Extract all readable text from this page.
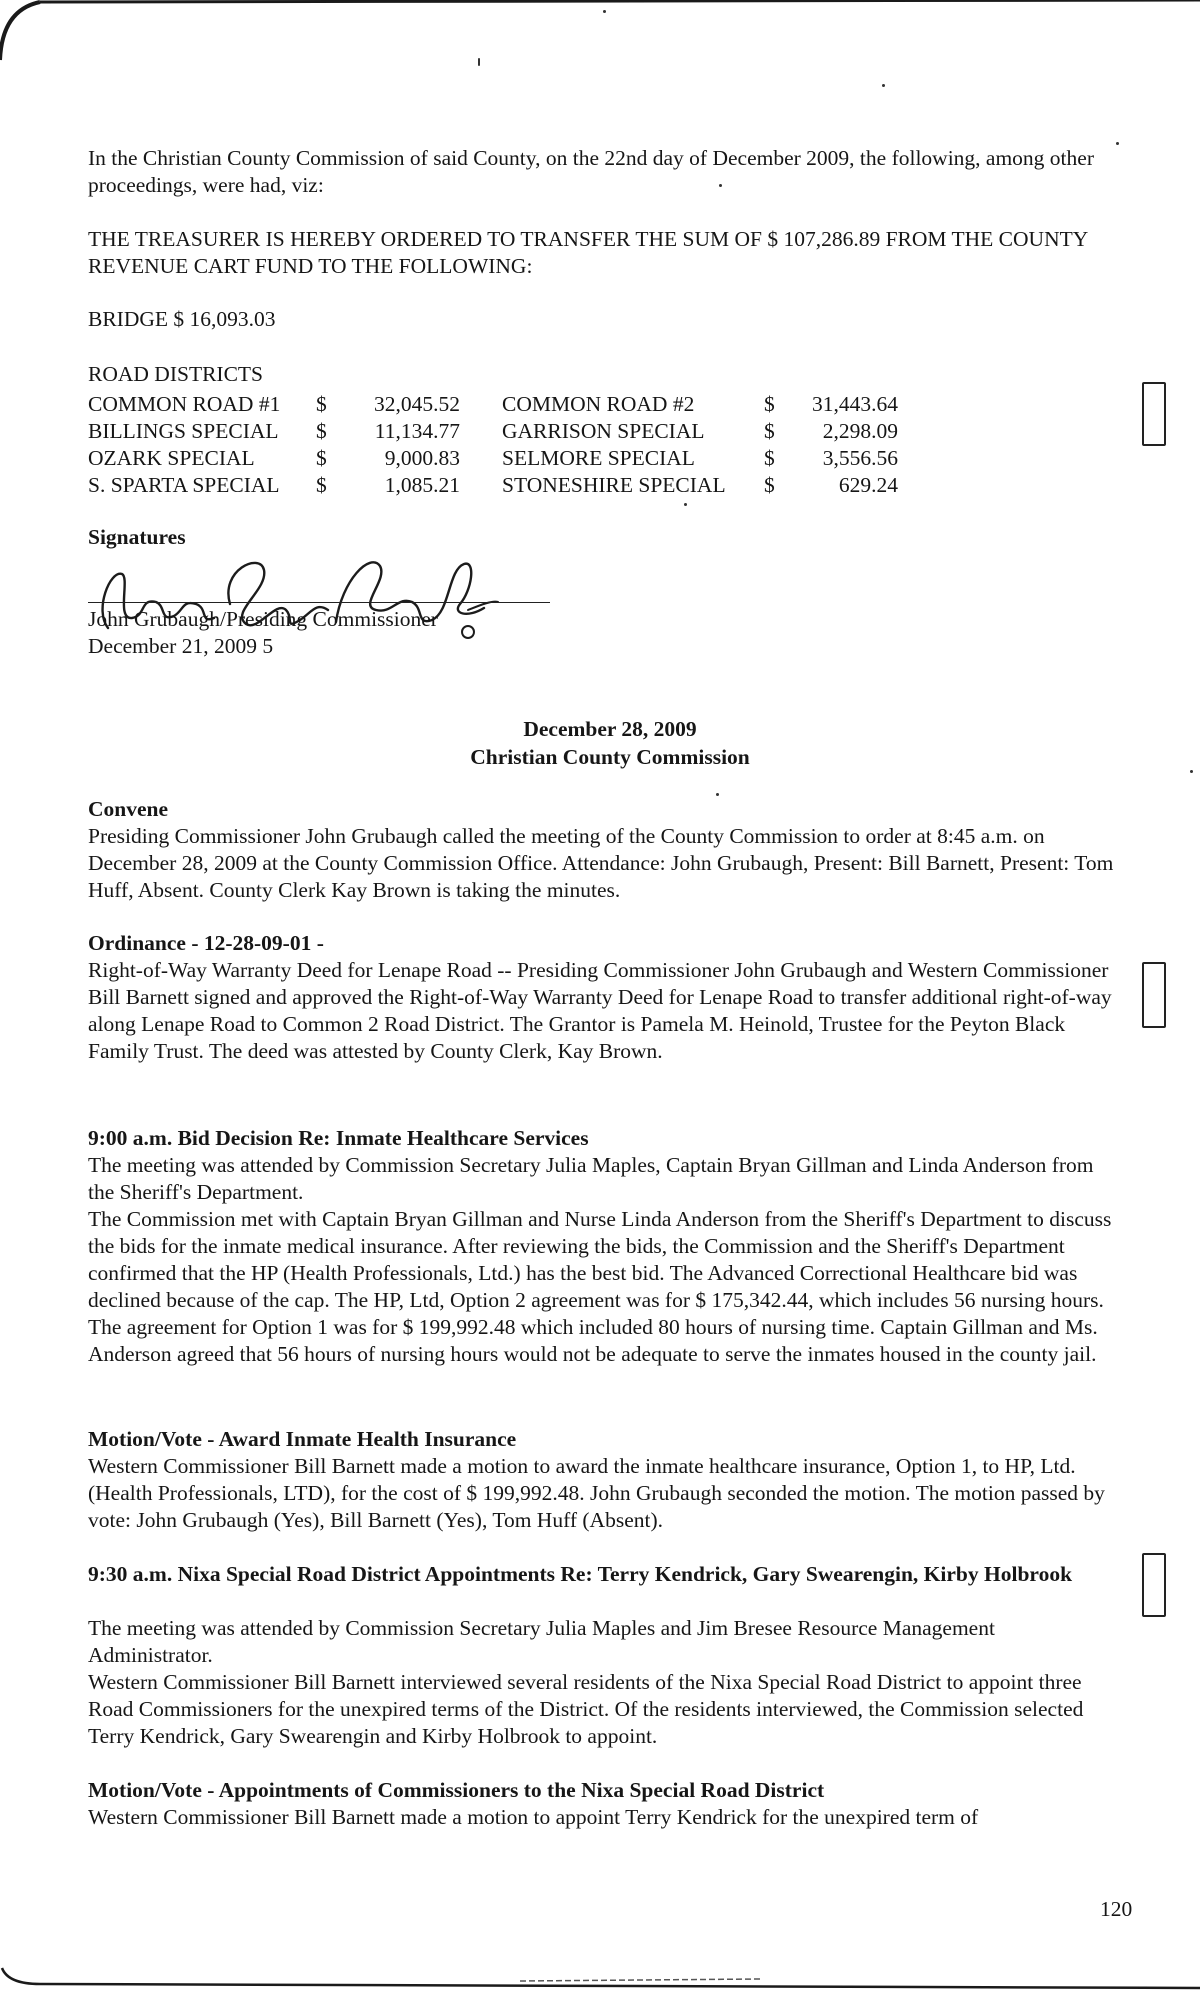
In the Christian County Commission of said County, on the 22nd day of December 2009, the following, among other proceedings, were had, viz:

THE TREASURER IS HEREBY ORDERED TO TRANSFER THE SUM OF $ 107,286.89 FROM THE COUNTY REVENUE CART FUND TO THE FOLLOWING:

BRIDGE $ 16,093.03

ROAD DISTRICTS

COMMON ROAD #1	$	32,045.52	COMMON ROAD #2	$	31,443.64
BILLINGS SPECIAL	$	11,134.77	GARRISON SPECIAL	$	2,298.09
OZARK SPECIAL	$	9,000.83	SELMORE SPECIAL	$	3,556.56
S. SPARTA SPECIAL	$	1,085.21	STONESHIRE SPECIAL	$	629.24

Signatures

John Grubaugh/Presiding Commissioner

December 21, 2009 5

December 28, 2009

Christian County Commission

Convene

Presiding Commissioner John Grubaugh called the meeting of the County Commission to order at 8:45 a.m. on December 28, 2009 at the County Commission Office. Attendance: John Grubaugh, Present: Bill Barnett, Present: Tom Huff, Absent. County Clerk Kay Brown is taking the minutes.

Ordinance - 12-28-09-01 -

Right-of-Way Warranty Deed for Lenape Road -- Presiding Commissioner John Grubaugh and Western Commissioner Bill Barnett signed and approved the Right-of-Way Warranty Deed for Lenape Road to transfer additional right-of-way along Lenape Road to Common 2 Road District. The Grantor is Pamela M. Heinold, Trustee for the Peyton Black Family Trust. The deed was attested by County Clerk, Kay Brown.

9:00 a.m. Bid Decision Re: Inmate Healthcare Services

The meeting was attended by Commission Secretary Julia Maples, Captain Bryan Gillman and Linda Anderson from the Sheriff's Department.

The Commission met with Captain Bryan Gillman and Nurse Linda Anderson from the Sheriff's Department to discuss the bids for the inmate medical insurance. After reviewing the bids, the Commission and the Sheriff's Department confirmed that the HP (Health Professionals, Ltd.) has the best bid. The Advanced Correctional Healthcare bid was declined because of the cap. The HP, Ltd, Option 2 agreement was for $ 175,342.44, which includes 56 nursing hours. The agreement for Option 1 was for $ 199,992.48 which included 80 hours of nursing time. Captain Gillman and Ms. Anderson agreed that 56 hours of nursing hours would not be adequate to serve the inmates housed in the county jail.

Motion/Vote - Award Inmate Health Insurance

Western Commissioner Bill Barnett made a motion to award the inmate healthcare insurance, Option 1, to HP, Ltd. (Health Professionals, LTD), for the cost of $ 199,992.48. John Grubaugh seconded the motion. The motion passed by vote: John Grubaugh (Yes), Bill Barnett (Yes), Tom Huff (Absent).

9:30 a.m. Nixa Special Road District Appointments Re: Terry Kendrick, Gary Swearengin, Kirby Holbrook

The meeting was attended by Commission Secretary Julia Maples and Jim Bresee Resource Management Administrator.

Western Commissioner Bill Barnett interviewed several residents of the Nixa Special Road District to appoint three Road Commissioners for the unexpired terms of the District. Of the residents interviewed, the Commission selected Terry Kendrick, Gary Swearengin and Kirby Holbrook to appoint.

Motion/Vote - Appointments of Commissioners to the Nixa Special Road District

Western Commissioner Bill Barnett made a motion to appoint Terry Kendrick for the unexpired term of

120
